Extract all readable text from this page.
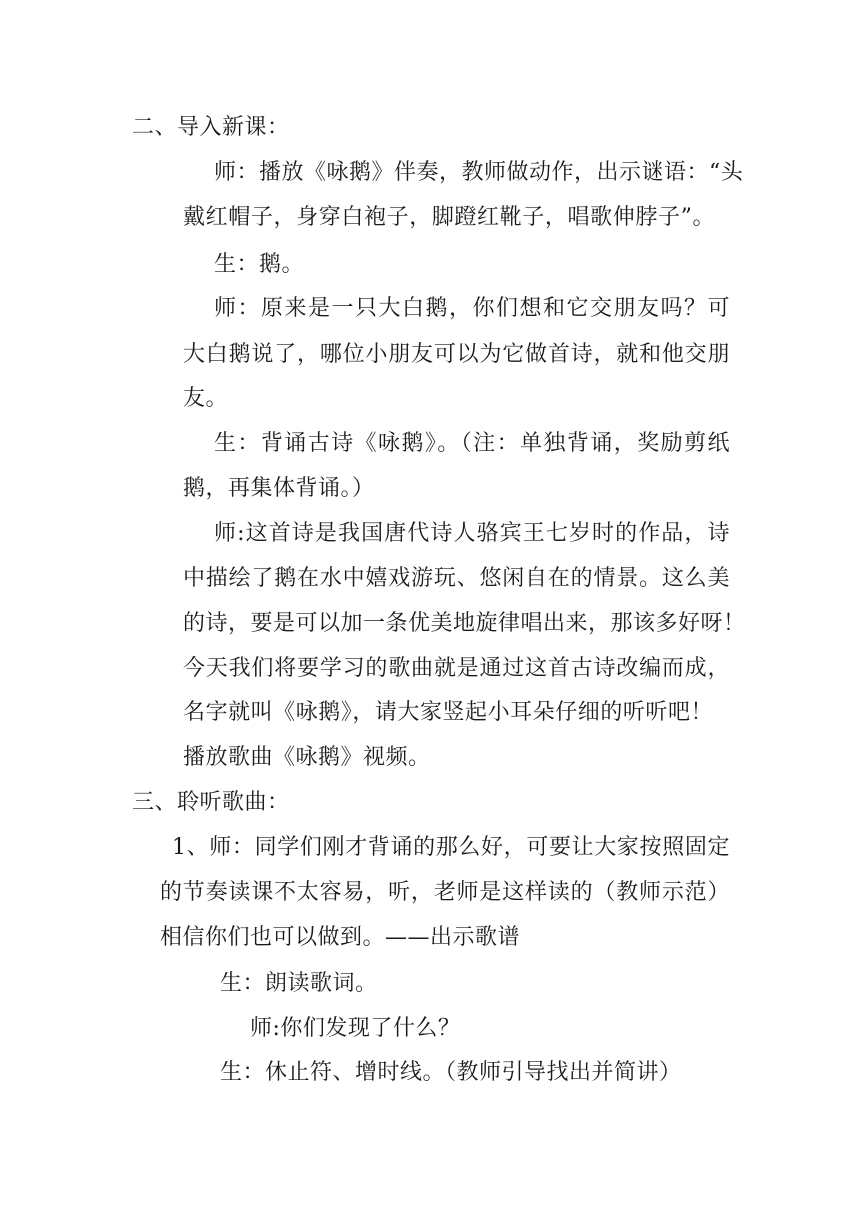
二、导入新课：
师：播放《咏鹅》伴奏，教师做动作，出示谜语：“头
戴红帽子，身穿白袍子，脚蹬红靴子，唱歌伸脖子”。
生：鹅。
师：原来是一只大白鹅，你们想和它交朋友吗？可
大白鹅说了，哪位小朋友可以为它做首诗，就和他交朋
友。
生：背诵古诗《咏鹅》。（注：单独背诵，奖励剪纸
鹅，再集体背诵。）
师:这首诗是我国唐代诗人骆宾王七岁时的作品，诗
中描绘了鹅在水中嬉戏游玩、悠闲自在的情景。这么美
的诗，要是可以加一条优美地旋律唱出来，那该多好呀！
今天我们将要学习的歌曲就是通过这首古诗改编而成，
名字就叫《咏鹅》，请大家竖起小耳朵仔细的听听吧！
播放歌曲《咏鹅》视频。
三、聆听歌曲：
1、师：同学们刚才背诵的那么好，可要让大家按照固定
的节奏读课不太容易，听，老师是这样读的（教师示范）
相信你们也可以做到。——出示歌谱
生：朗读歌词。
师:你们发现了什么？
生：休止符、增时线。（教师引导找出并简讲）
